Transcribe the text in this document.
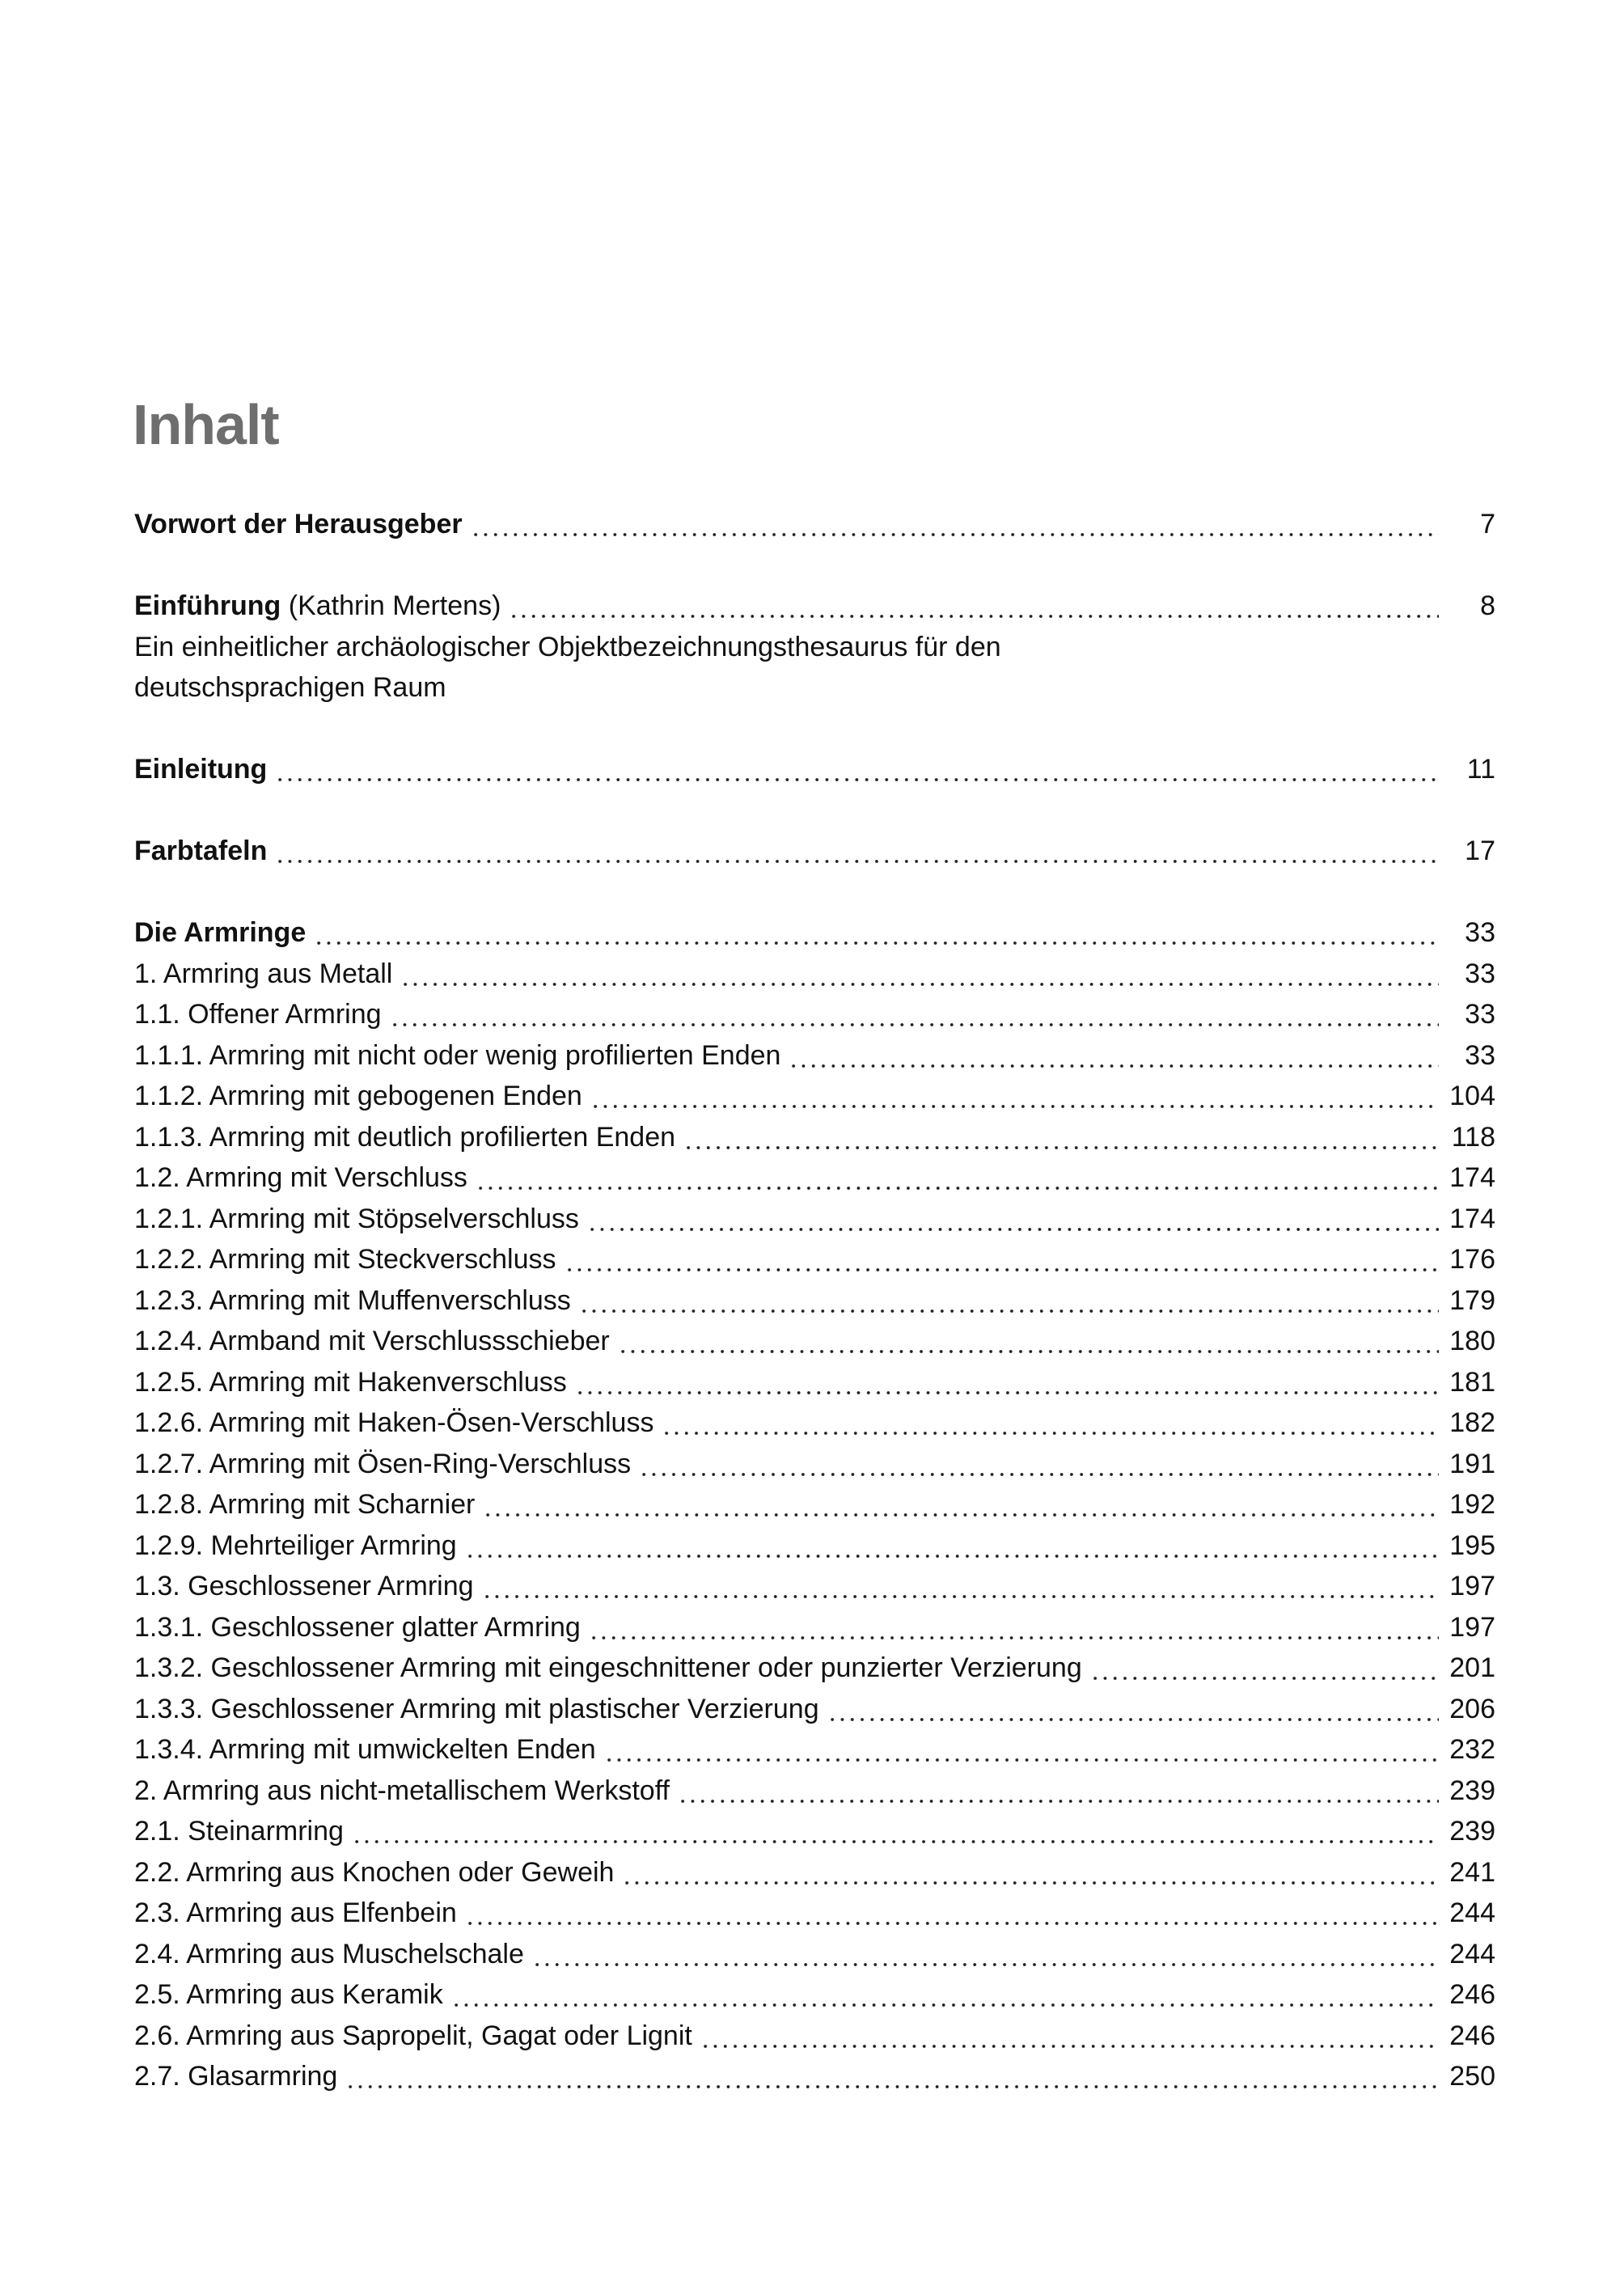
Inhalt
Vorwort der Herausgeber	7
Einführung (Kathrin Mertens)	8
Ein einheitlicher archäologischer Objektbezeichnungsthesaurus für den
deutschsprachigen Raum
Einleitung	11
Farbtafeln	17
Die Armringe	33
1. Armring aus Metall	33
1.1. Offener Armring	33
1.1.1. Armring mit nicht oder wenig profilierten Enden	33
1.1.2. Armring mit gebogenen Enden	104
1.1.3. Armring mit deutlich profilierten Enden	118
1.2. Armring mit Verschluss	174
1.2.1. Armring mit Stöpselverschluss	174
1.2.2. Armring mit Steckverschluss	176
1.2.3. Armring mit Muffenverschluss	179
1.2.4. Armband mit Verschlussschieber	180
1.2.5. Armring mit Hakenverschluss	181
1.2.6. Armring mit Haken-Ösen-Verschluss	182
1.2.7. Armring mit Ösen-Ring-Verschluss	191
1.2.8. Armring mit Scharnier	192
1.2.9. Mehrteiliger Armring	195
1.3. Geschlossener Armring	197
1.3.1. Geschlossener glatter Armring	197
1.3.2. Geschlossener Armring mit eingeschnittener oder punzierter Verzierung	201
1.3.3. Geschlossener Armring mit plastischer Verzierung	206
1.3.4. Armring mit umwickelten Enden	232
2. Armring aus nicht-metallischem Werkstoff	239
2.1. Steinarmring	239
2.2. Armring aus Knochen oder Geweih	241
2.3. Armring aus Elfenbein	244
2.4. Armring aus Muschelschale	244
2.5. Armring aus Keramik	246
2.6. Armring aus Sapropelit, Gagat oder Lignit	246
2.7. Glasarmring	250
